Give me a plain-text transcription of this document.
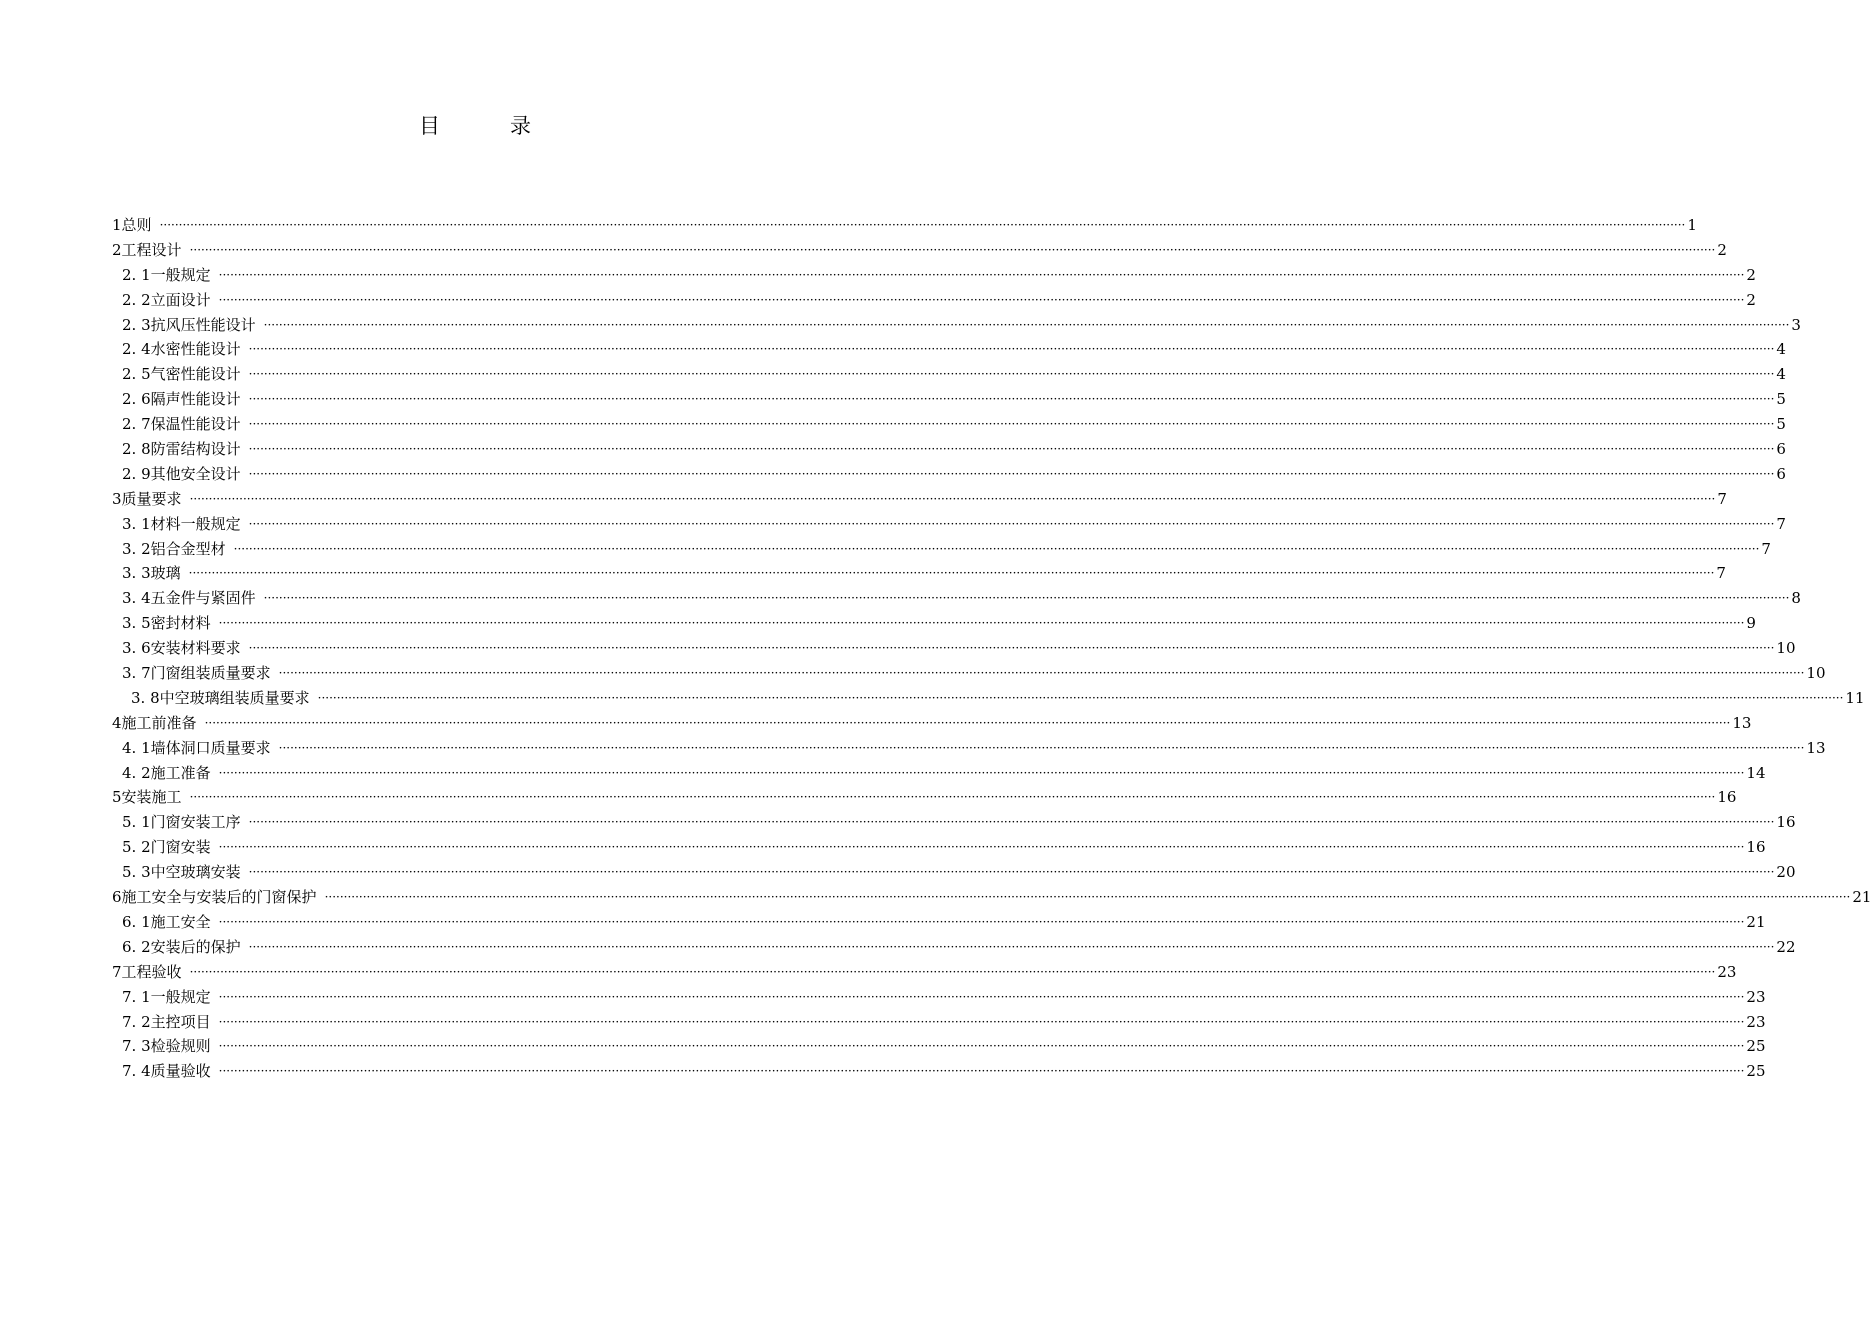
目	录
1 总则 ················································································································································································································································································································································································································ 1
2 工程设计 ················································································································································································································································································································································································································ 2
2. 1 一般规定 ················································································································································································································································································································································································································ 2
2. 2 立面设计 ················································································································································································································································································································································································································ 2
2. 3 抗风压性能设计 ················································································································································································································································································································································································································ 3
2. 4 水密性能设计 ················································································································································································································································································································································································································ 4
2. 5 气密性能设计 ················································································································································································································································································································································································································ 4
2. 6 隔声性能设计 ················································································································································································································································································································································································································ 5
2. 7 保温性能设计 ················································································································································································································································································································································································································ 5
2. 8 防雷结构设计 ················································································································································································································································································································································································································ 6
2. 9 其他安全设计 ················································································································································································································································································································································································································ 6
3 质量要求 ················································································································································································································································································································································································································ 7
3. 1 材料一般规定 ················································································································································································································································································································································································································ 7
3. 2 铝合金型材 ················································································································································································································································································································································································································ 7
3. 3 玻璃 ················································································································································································································································································································································································································ 7
3. 4 五金件与紧固件 ················································································································································································································································································································································································································ 8
3. 5 密封材料 ················································································································································································································································································································································································································ 9
3. 6 安装材料要求 ················································································································································································································································································································································································································ 10
3. 7 门窗组装质量要求 ················································································································································································································································································································································································································ 10
3. 8 中空玻璃组装质量要求 ················································································································································································································································································································································································································ 11
4 施工前准备 ················································································································································································································································································································································································································ 13
4. 1 墙体洞口质量要求 ················································································································································································································································································································································································································ 13
4. 2 施工准备 ················································································································································································································································································································································································································ 14
5 安装施工 ················································································································································································································································································································································································································ 16
5. 1 门窗安装工序 ················································································································································································································································································································································································································ 16
5. 2 门窗安装 ················································································································································································································································································································································································································ 16
5. 3 中空玻璃安装 ················································································································································································································································································································································································································ 20
6 施工安全与安装后的门窗保护 ················································································································································································································································································································································································································ 21
6. 1 施工安全 ················································································································································································································································································································································································································ 21
6. 2 安装后的保护 ················································································································································································································································································································································································································ 22
7 工程验收 ················································································································································································································································································································································································································ 23
7. 1 一般规定 ················································································································································································································································································································································································································ 23
7. 2 主控项目 ················································································································································································································································································································································································································ 23
7. 3 检验规则 ················································································································································································································································································································································································································ 25
7. 4 质量验收 ················································································································································································································································································································································································································ 25
